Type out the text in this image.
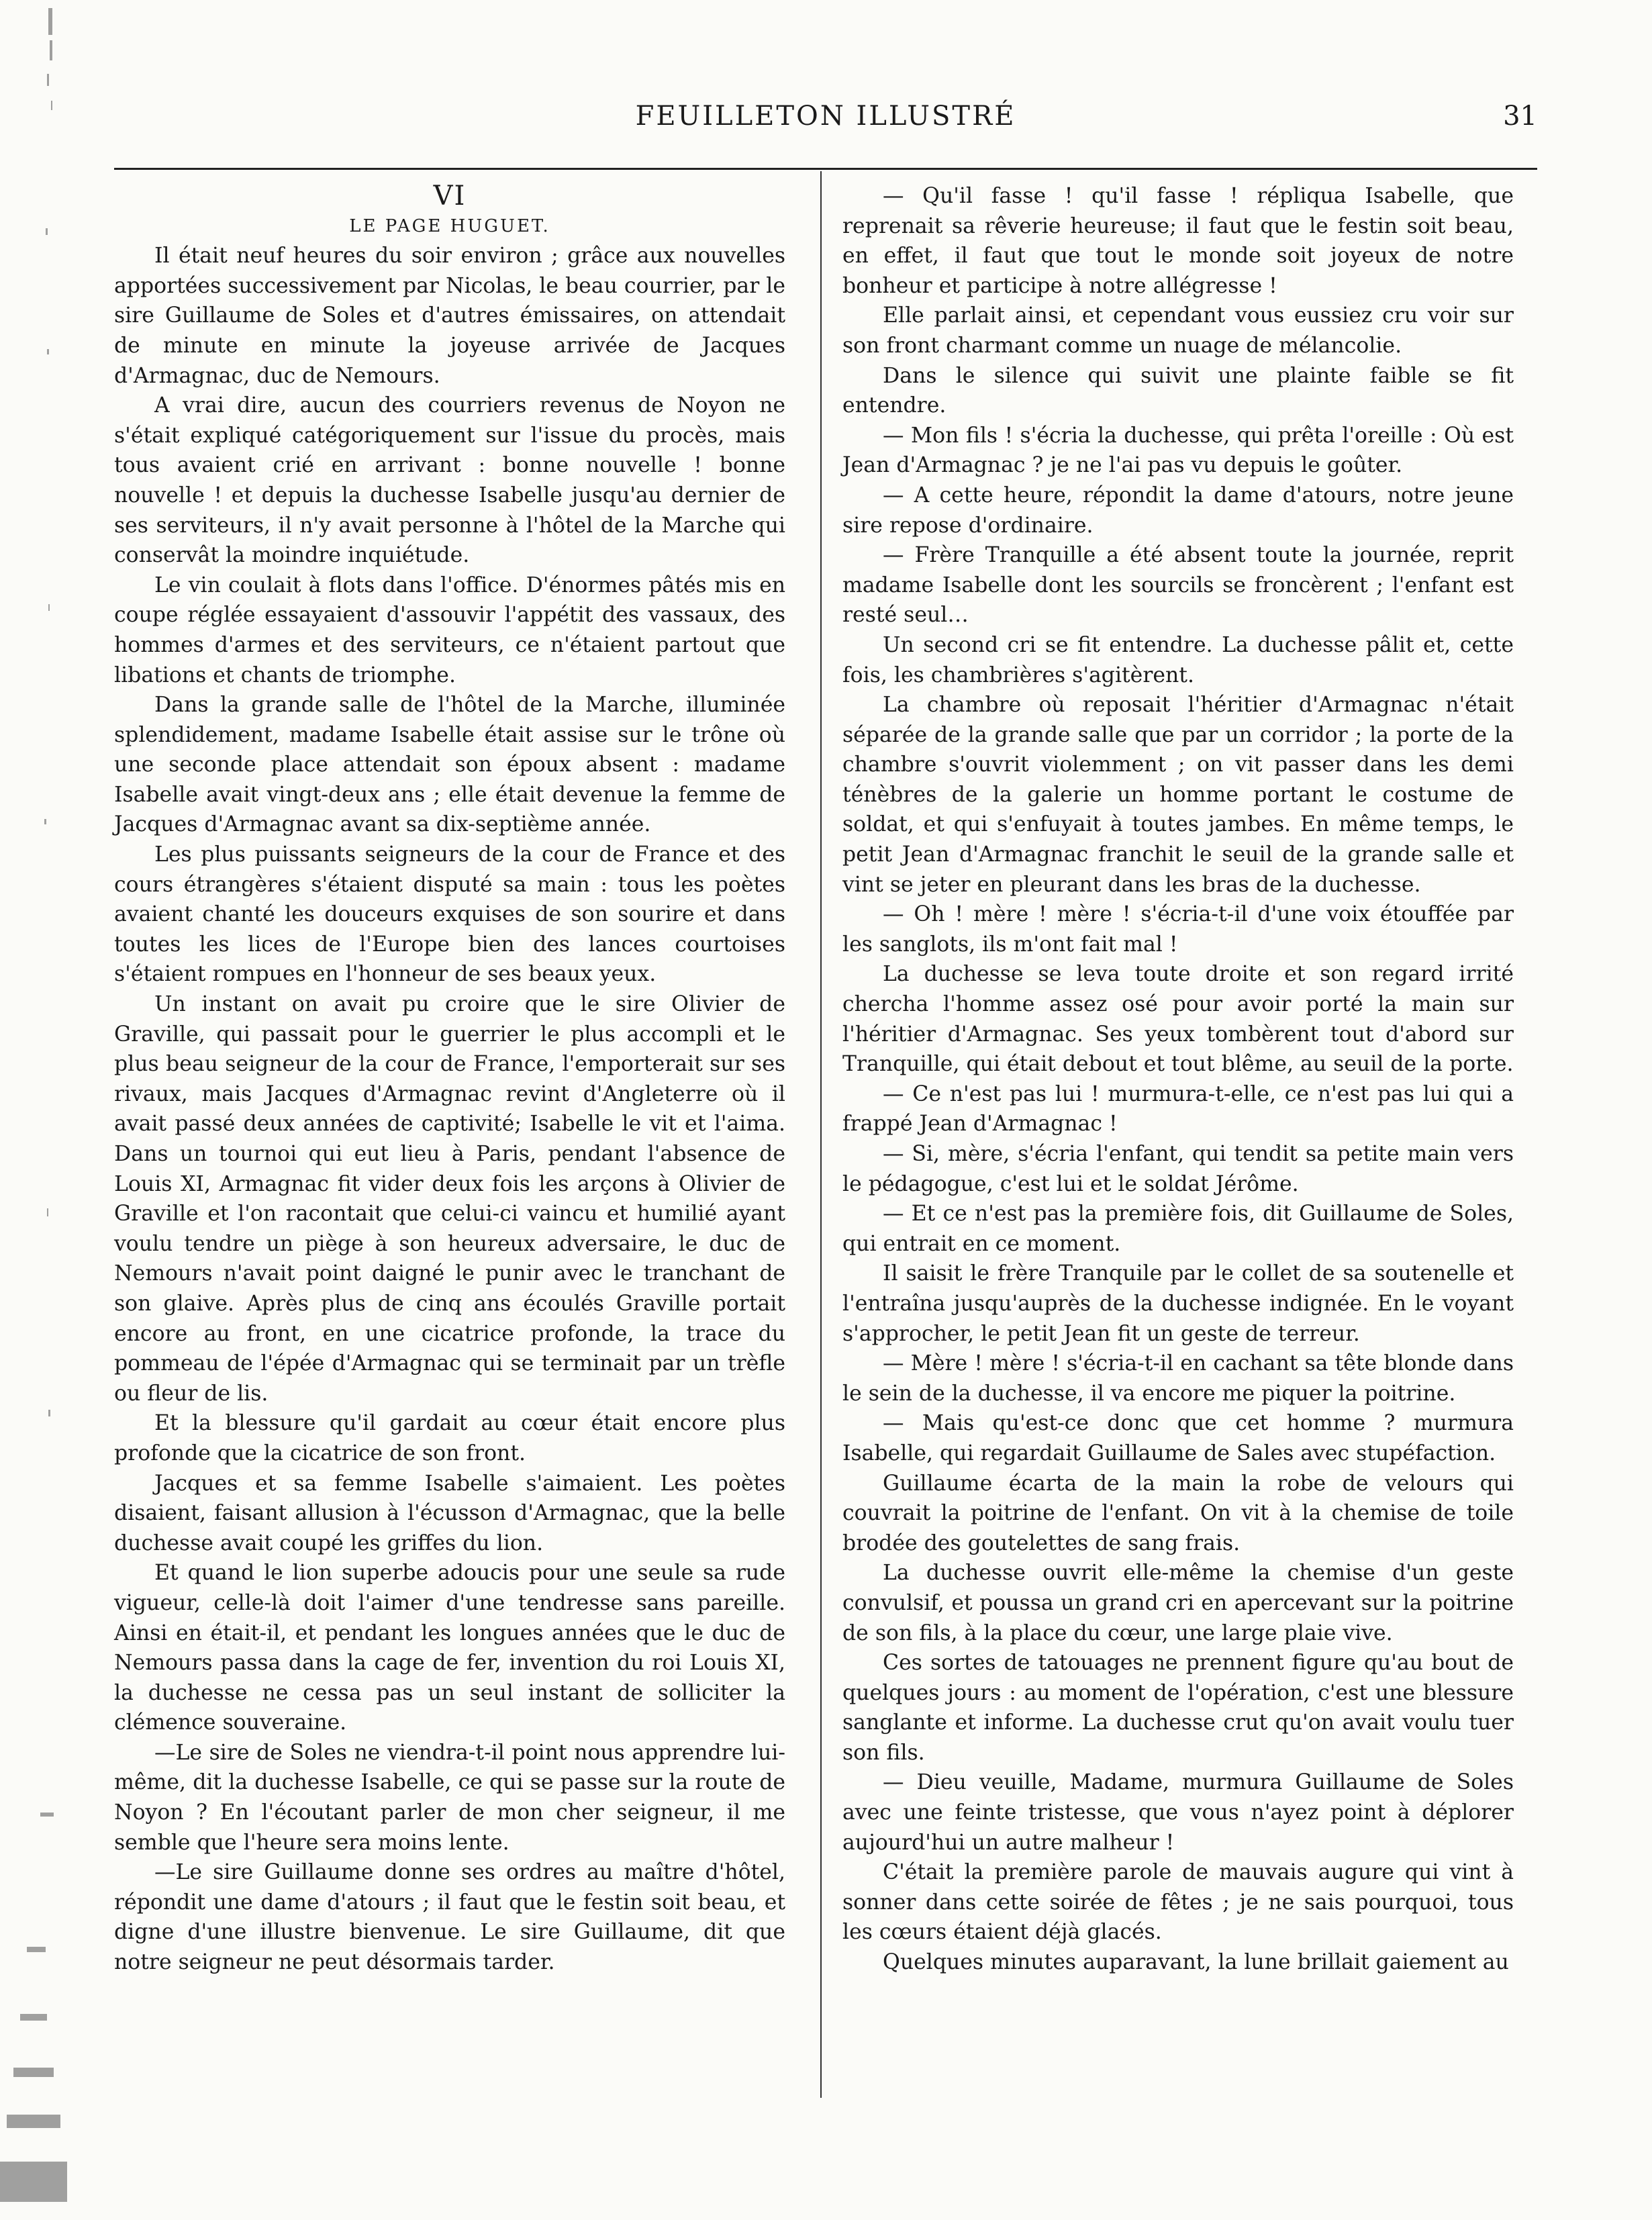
FEUILLETON ILLUSTRÉ	31

VI

LE PAGE HUGUET.

Il était neuf heures du soir environ ; grâce aux nouvelles apportées successivement par Nicolas, le beau courrier, par le sire Guillaume de Soles et d'autres émissaires, on attendait de minute en minute la joyeuse arrivée de Jacques d'Armagnac, duc de Nemours.

A vrai dire, aucun des courriers revenus de Noyon ne s'était expliqué catégoriquement sur l'issue du procès, mais tous avaient crié en arrivant : bonne nouvelle ! bonne nouvelle ! et depuis la duchesse Isabelle jusqu'au dernier de ses serviteurs, il n'y avait personne à l'hôtel de la Marche qui conservât la moindre inquiétude.

Le vin coulait à flots dans l'office. D'énormes pâtés mis en coupe réglée essayaient d'assouvir l'appétit des vassaux, des hommes d'armes et des serviteurs, ce n'étaient partout que libations et chants de triomphe.

Dans la grande salle de l'hôtel de la Marche, illuminée splendidement, madame Isabelle était assise sur le trône où une seconde place attendait son époux absent : madame Isabelle avait vingt-deux ans ; elle était devenue la femme de Jacques d'Armagnac avant sa dix-septième année.

Les plus puissants seigneurs de la cour de France et des cours étrangères s'étaient disputé sa main : tous les poètes avaient chanté les douceurs exquises de son sourire et dans toutes les lices de l'Europe bien des lances courtoises s'étaient rompues en l'honneur de ses beaux yeux.

Un instant on avait pu croire que le sire Olivier de Graville, qui passait pour le guerrier le plus accompli et le plus beau seigneur de la cour de France, l'emporterait sur ses rivaux, mais Jacques d'Armagnac revint d'Angleterre où il avait passé deux années de captivité; Isabelle le vit et l'aima. Dans un tournoi qui eut lieu à Paris, pendant l'absence de Louis XI, Armagnac fit vider deux fois les arçons à Olivier de Graville et l'on racontait que celui-ci vaincu et humilié ayant voulu tendre un piège à son heureux adversaire, le duc de Nemours n'avait point daigné le punir avec le tranchant de son glaive. Après plus de cinq ans écoulés Graville portait encore au front, en une cicatrice profonde, la trace du pommeau de l'épée d'Armagnac qui se terminait par un trèfle ou fleur de lis.

Et la blessure qu'il gardait au cœur était encore plus profonde que la cicatrice de son front.

Jacques et sa femme Isabelle s'aimaient. Les poètes disaient, faisant allusion à l'écusson d'Armagnac, que la belle duchesse avait coupé les griffes du lion.

Et quand le lion superbe adoucis pour une seule sa rude vigueur, celle-là doit l'aimer d'une tendresse sans pareille. Ainsi en était-il, et pendant les longues années que le duc de Nemours passa dans la cage de fer, invention du roi Louis XI, la duchesse ne cessa pas un seul instant de solliciter la clémence souveraine.

—Le sire de Soles ne viendra-t-il point nous apprendre lui-même, dit la duchesse Isabelle, ce qui se passe sur la route de Noyon ? En l'écoutant parler de mon cher seigneur, il me semble que l'heure sera moins lente.

—Le sire Guillaume donne ses ordres au maître d'hôtel, répondit une dame d'atours ; il faut que le festin soit beau, et digne d'une illustre bienvenue. Le sire Guillaume, dit que notre seigneur ne peut désormais tarder.

— Qu'il fasse ! qu'il fasse ! répliqua Isabelle, que reprenait sa rêverie heureuse; il faut que le festin soit beau, en effet, il faut que tout le monde soit joyeux de notre bonheur et participe à notre allégresse !

Elle parlait ainsi, et cependant vous eussiez cru voir sur son front charmant comme un nuage de mélancolie.

Dans le silence qui suivit une plainte faible se fit entendre.

— Mon fils ! s'écria la duchesse, qui prêta l'oreille : Où est Jean d'Armagnac ? je ne l'ai pas vu depuis le goûter.

— A cette heure, répondit la dame d'atours, notre jeune sire repose d'ordinaire.

— Frère Tranquille a été absent toute la journée, reprit madame Isabelle dont les sourcils se froncèrent ; l'enfant est resté seul…

Un second cri se fit entendre. La duchesse pâlit et, cette fois, les chambrières s'agitèrent.

La chambre où reposait l'héritier d'Armagnac n'était séparée de la grande salle que par un corridor ; la porte de la chambre s'ouvrit violemment ; on vit passer dans les demi ténèbres de la galerie un homme portant le costume de soldat, et qui s'enfuyait à toutes jambes. En même temps, le petit Jean d'Armagnac franchit le seuil de la grande salle et vint se jeter en pleurant dans les bras de la duchesse.

— Oh ! mère ! mère ! s'écria-t-il d'une voix étouffée par les sanglots, ils m'ont fait mal !

La duchesse se leva toute droite et son regard irrité chercha l'homme assez osé pour avoir porté la main sur l'héritier d'Armagnac. Ses yeux tombèrent tout d'abord sur Tranquille, qui était debout et tout blême, au seuil de la porte.

— Ce n'est pas lui ! murmura-t-elle, ce n'est pas lui qui a frappé Jean d'Armagnac !

— Si, mère, s'écria l'enfant, qui tendit sa petite main vers le pédagogue, c'est lui et le soldat Jérôme.

— Et ce n'est pas la première fois, dit Guillaume de Soles, qui entrait en ce moment.

Il saisit le frère Tranquile par le collet de sa soutenelle et l'entraîna jusqu'auprès de la duchesse indignée. En le voyant s'approcher, le petit Jean fit un geste de terreur.

— Mère ! mère ! s'écria-t-il en cachant sa tête blonde dans le sein de la duchesse, il va encore me piquer la poitrine.

— Mais qu'est-ce donc que cet homme ? murmura Isabelle, qui regardait Guillaume de Sales avec stupéfaction.

Guillaume écarta de la main la robe de velours qui couvrait la poitrine de l'enfant. On vit à la chemise de toile brodée des goutelettes de sang frais.

La duchesse ouvrit elle-même la chemise d'un geste convulsif, et poussa un grand cri en apercevant sur la poitrine de son fils, à la place du cœur, une large plaie vive.

Ces sortes de tatouages ne prennent figure qu'au bout de quelques jours : au moment de l'opération, c'est une blessure sanglante et informe. La duchesse crut qu'on avait voulu tuer son fils.

— Dieu veuille, Madame, murmura Guillaume de Soles avec une feinte tristesse, que vous n'ayez point à déplorer aujourd'hui un autre malheur !

C'était la première parole de mauvais augure qui vint à sonner dans cette soirée de fêtes ; je ne sais pourquoi, tous les cœurs étaient déjà glacés.

Quelques minutes auparavant, la lune brillait gaiement au
